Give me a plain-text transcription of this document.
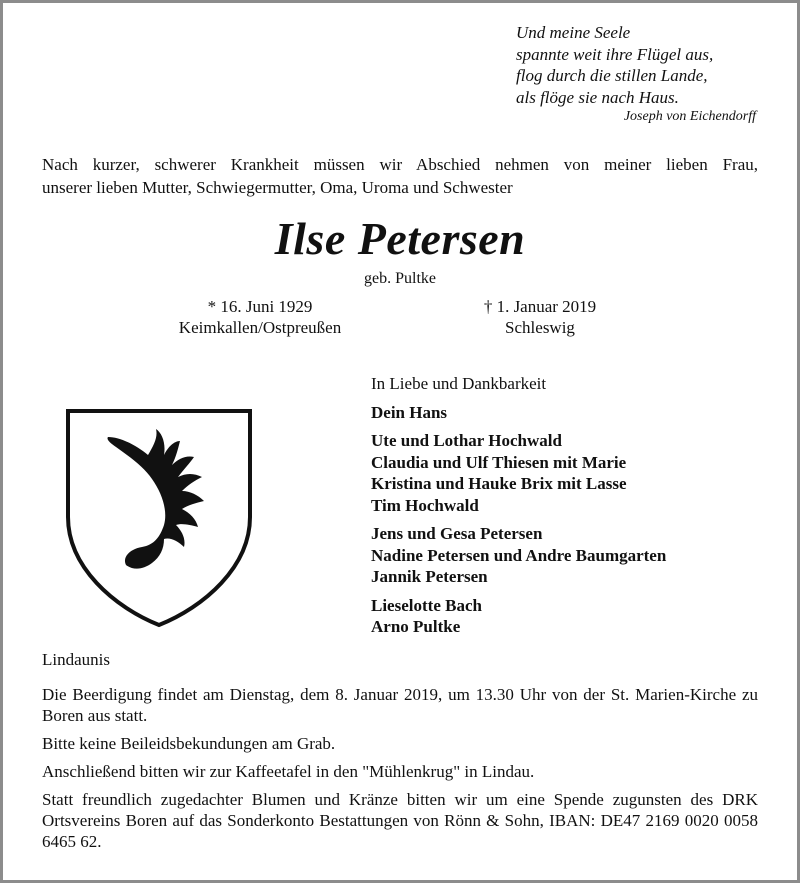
Und meine Seele
spannte weit ihre Flügel aus,
flog durch die stillen Lande,
als flöge sie nach Haus.
Joseph von Eichendorff
Nach kurzer, schwerer Krankheit müssen wir Abschied nehmen von meiner lieben Frau,
unserer lieben Mutter, Schwiegermutter, Oma, Uroma und Schwester
Ilse Petersen
geb. Pultke
* 16. Juni 1929
Keimkallen/Ostpreußen
† 1. Januar 2019
Schleswig
In Liebe und Dankbarkeit
Dein Hans
Ute und Lothar Hochwald
Claudia und Ulf Thiesen mit Marie
Kristina und Hauke Brix mit Lasse
Tim Hochwald
Jens und Gesa Petersen
Nadine Petersen und Andre Baumgarten
Jannik Petersen
Lieselotte Bach
Arno Pultke
Lindaunis

Die Beerdigung findet am Dienstag, dem 8. Januar 2019, um 13.30 Uhr von der St. Marien-Kirche zu Boren aus statt.

Bitte keine Beileidsbekundungen am Grab.

Anschließend bitten wir zur Kaffeetafel in den "Mühlenkrug" in Lindau.

Statt freundlich zugedachter Blumen und Kränze bitten wir um eine Spende zugunsten des DRK Ortsvereins Boren auf das Sonderkonto Bestattungen von Rönn & Sohn, IBAN: DE47 2169 0020 0058 6465 62.
